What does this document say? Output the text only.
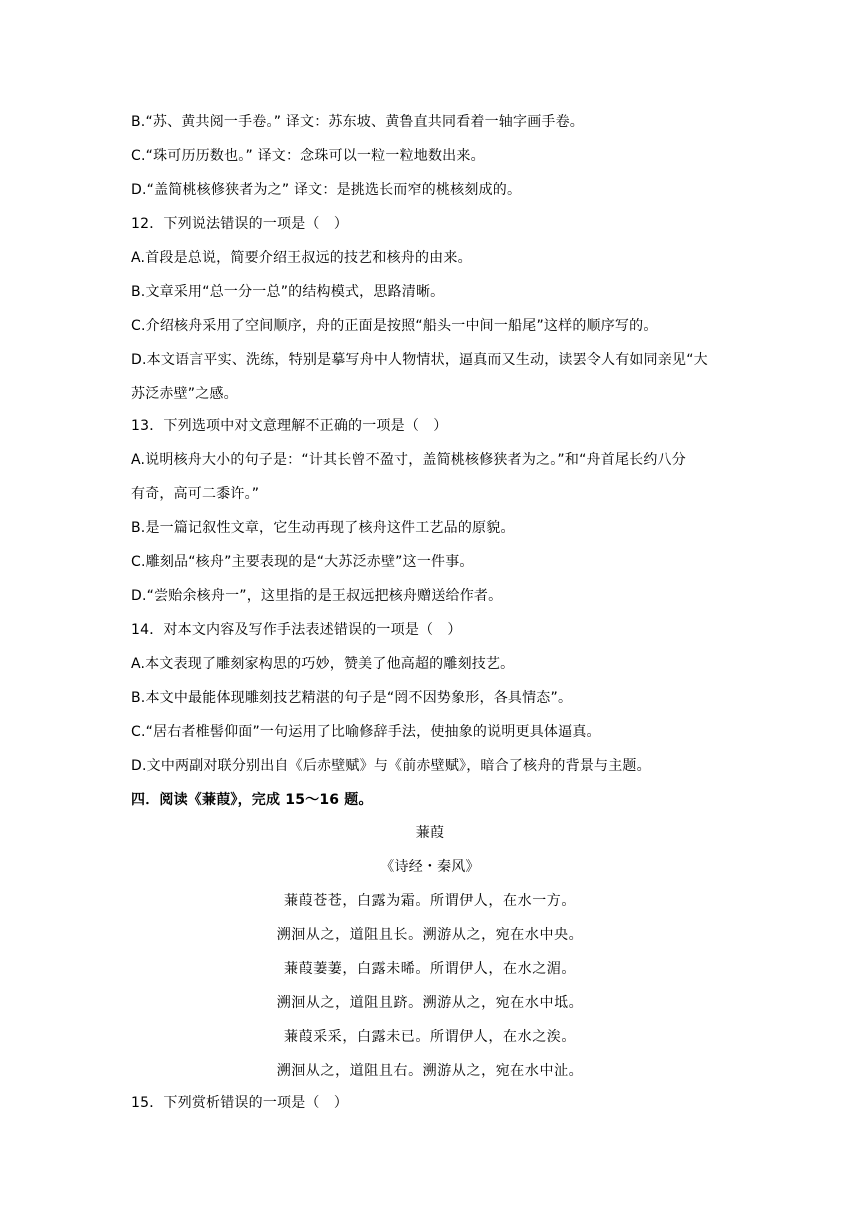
B.“苏、黄共阅一手卷。” 译文：苏东坡、黄鲁直共同看着一轴字画手卷。
C.“珠可历历数也。” 译文：念珠可以一粒一粒地数出来。
D.“盖简桃核修狭者为之” 译文：是挑选长而窄的桃核刻成的。
12．下列说法错误的一项是（　）
A.首段是总说，简要介绍王叔远的技艺和核舟的由来。
B.文章采用“总一分一总”的结构模式，思路清晰。
C.介绍核舟采用了空间顺序，舟的正面是按照“船头一中间一船尾”这样的顺序写的。
D.本文语言平实、洗练，特别是摹写舟中人物情状，逼真而又生动，读罢令人有如同亲见“大
苏泛赤壁”之感。
13．下列选项中对文意理解不正确的一项是（　）
A.说明核舟大小的句子是：“计其长曾不盈寸，盖简桃核修狭者为之。”和“舟首尾长约八分
有奇，高可二黍许。”
B.是一篇记叙性文章，它生动再现了核舟这件工艺品的原貌。
C.雕刻品“核舟”主要表现的是“大苏泛赤壁”这一件事。
D.“尝贻余核舟一”，这里指的是王叔远把核舟赠送给作者。
14．对本文内容及写作手法表述错误的一项是（　）
A.本文表现了雕刻家构思的巧妙，赞美了他高超的雕刻技艺。
B.本文中最能体现雕刻技艺精湛的句子是“罔不因势象形，各具情态”。
C.“居右者椎髻仰面”一句运用了比喻修辞手法，使抽象的说明更具体逼真。
D.文中两副对联分别出自《后赤壁赋》与《前赤壁赋》，暗合了核舟的背景与主题。
四．阅读《蒹葭》，完成 15～16 题。
蒹葭
《诗经・秦风》
蒹葭苍苍，白露为霜。所谓伊人，在水一方。
溯洄从之，道阻且长。溯游从之，宛在水中央。
蒹葭萋萋，白露未晞。所谓伊人，在水之湄。
溯洄从之，道阻且跻。溯游从之，宛在水中坻。
蒹葭采采，白露未已。所谓伊人，在水之涘。
溯洄从之，道阻且右。溯游从之，宛在水中沚。
15．下列赏析错误的一项是（　）
